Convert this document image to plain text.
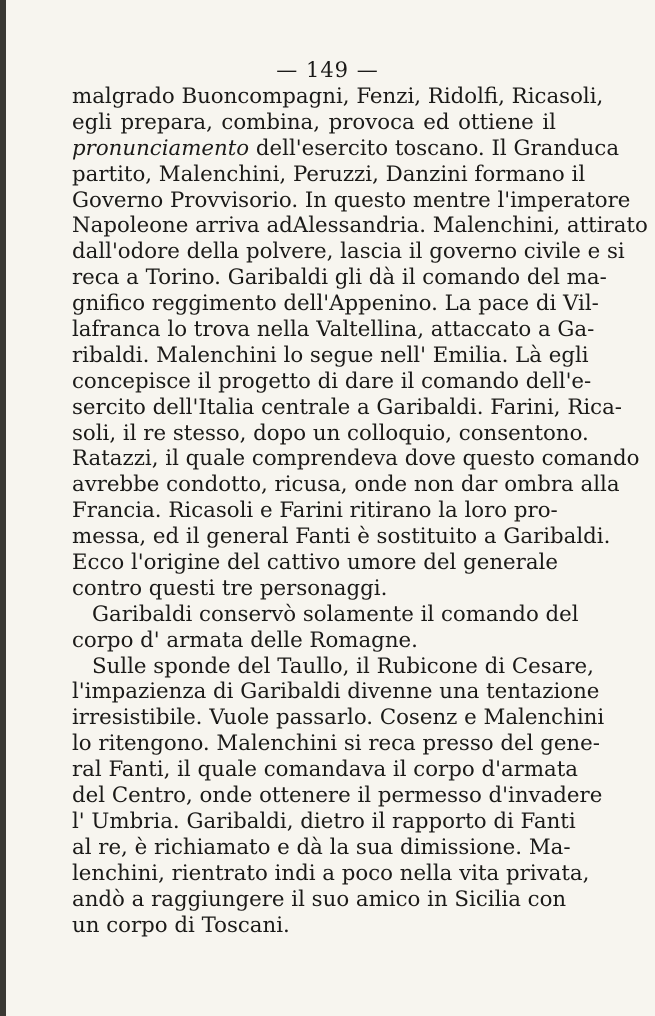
— 149 —
malgrado Buoncompagni, Fenzi, Ridolfi, Ricasoli,
egli prepara, combina, provoca ed ottiene il
pronunciamento dell'esercito toscano. Il Granduca
partito, Malenchini, Peruzzi, Danzini formano il
Governo Provvisorio. In questo mentre l'imperatore
Napoleone arriva adAlessandria. Malenchini, attirato
dall'odore della polvere, lascia il governo civile e si
reca a Torino. Garibaldi gli dà il comando del ma-
gnifico reggimento dell'Appenino. La pace di Vil-
lafranca lo trova nella Valtellina, attaccato a Ga-
ribaldi. Malenchini lo segue nell' Emilia. Là egli
concepisce il progetto di dare il comando dell'e-
sercito dell'Italia centrale a Garibaldi. Farini, Rica-
soli, il re stesso, dopo un colloquio, consentono.
Ratazzi, il quale comprendeva dove questo comando
avrebbe condotto, ricusa, onde non dar ombra alla
Francia. Ricasoli e Farini ritirano la loro pro-
messa, ed il general Fanti è sostituito a Garibaldi.
Ecco l'origine del cattivo umore del generale
contro questi tre personaggi.
Garibaldi conservò solamente il comando del
corpo d' armata delle Romagne.
Sulle sponde del Taullo, il Rubicone di Cesare,
l'impazienza di Garibaldi divenne una tentazione
irresistibile. Vuole passarlo. Cosenz e Malenchini
lo ritengono. Malenchini si reca presso del gene-
ral Fanti, il quale comandava il corpo d'armata
del Centro, onde ottenere il permesso d'invadere
l' Umbria. Garibaldi, dietro il rapporto di Fanti
al re, è richiamato e dà la sua dimissione. Ma-
lenchini, rientrato indi a poco nella vita privata,
andò a raggiungere il suo amico in Sicilia con
un corpo di Toscani.
